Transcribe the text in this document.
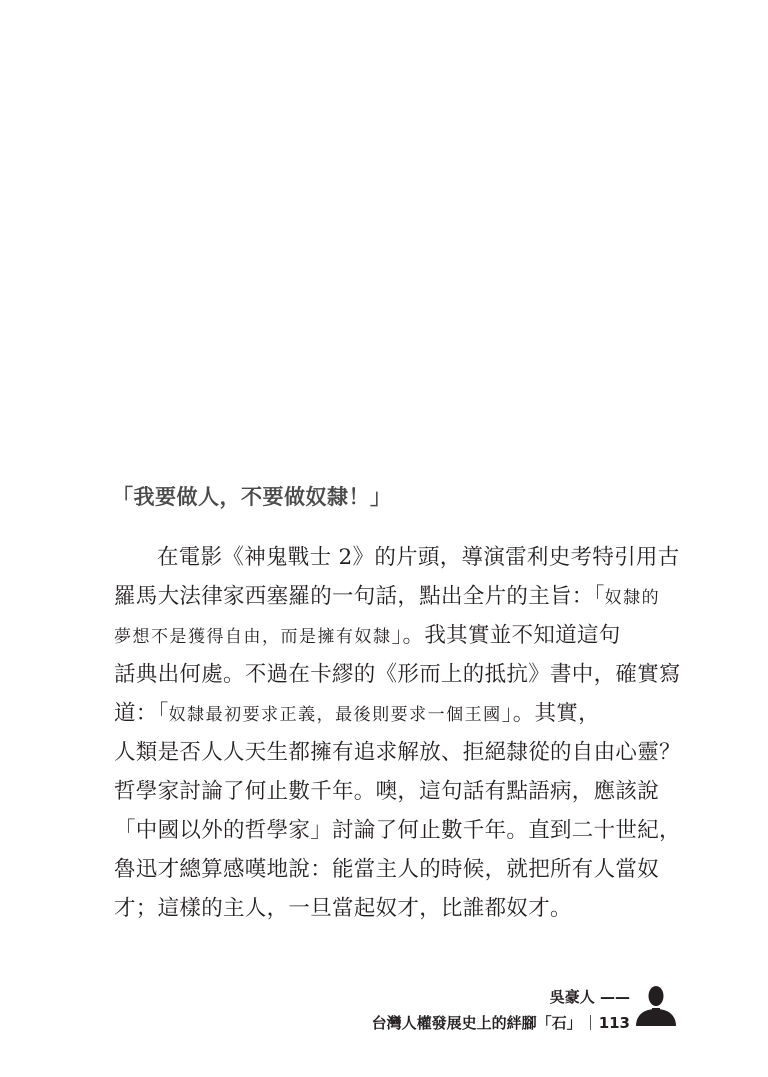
「我要做人，不要做奴隸！」
在電影《神鬼戰士 2》的片頭，導演雷利史考特引用古
羅馬大法律家西塞羅的一句話，點出全片的主旨：「奴隸的
夢想不是獲得自由，而是擁有奴隸」。我其實並不知道這句
話典出何處。不過在卡繆的《形而上的抵抗》書中，確實寫
道：「奴隸最初要求正義，最後則要求一個王國」。其實，
人類是否人人天生都擁有追求解放、拒絕隸從的自由心靈？
哲學家討論了何止數千年。噢，這句話有點語病，應該說
「中國以外的哲學家」討論了何止數千年。直到二十世紀，
魯迅才總算感嘆地說：能當主人的時候，就把所有人當奴
才；這樣的主人，一旦當起奴才，比誰都奴才。
吳豪人 ——
台灣人權發展史上的絆腳「石」 113
